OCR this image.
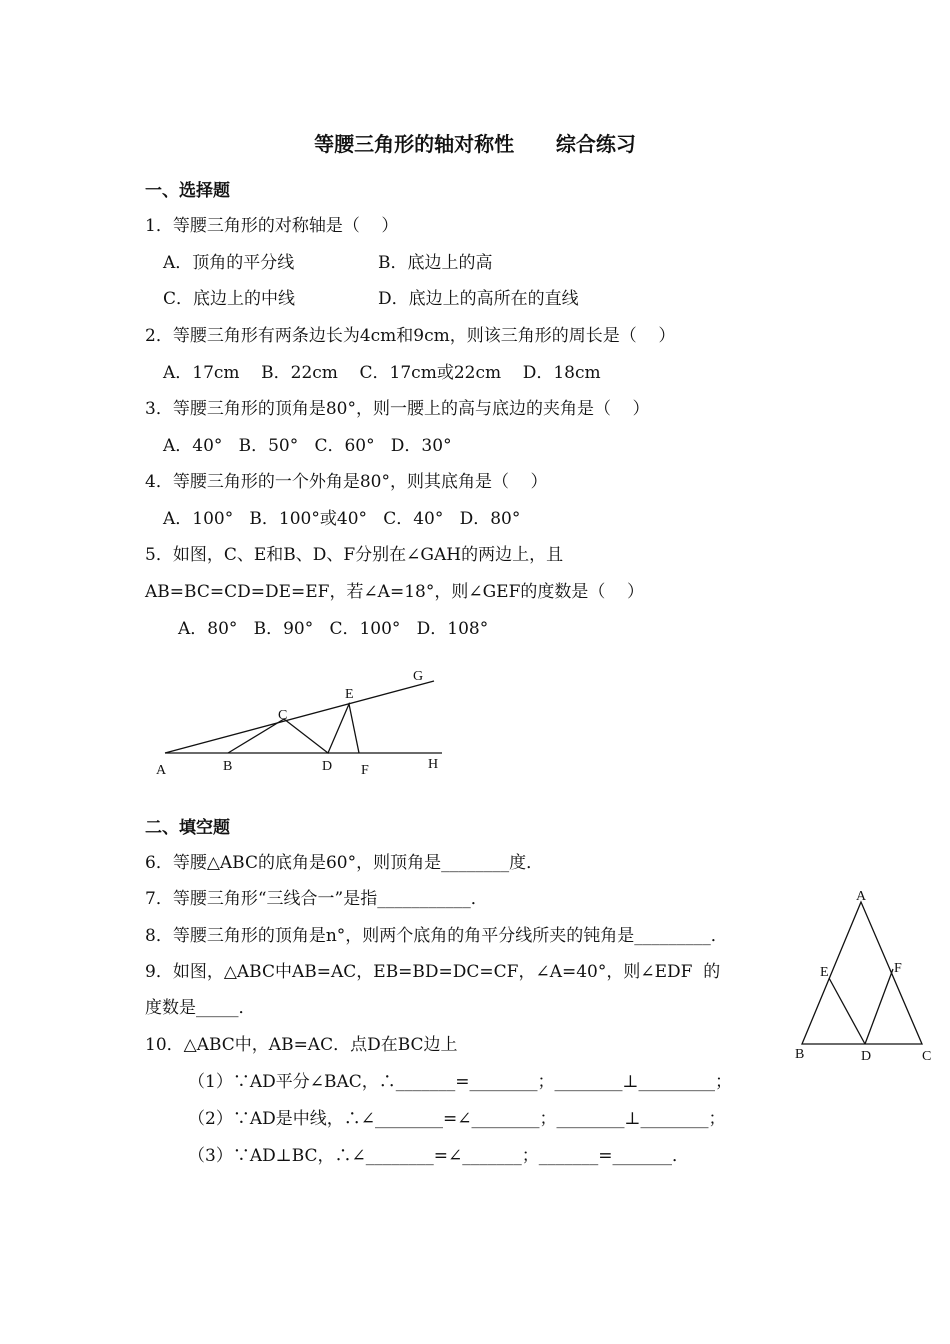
等腰三角形的轴对称性      综合练习
一、选择题
1．等腰三角形的对称轴是（    ）
A．顶角的平分线	B．底边上的高
C．底边上的中线	D．底边上的高所在的直线
2．等腰三角形有两条边长为4cm和9cm，则该三角形的周长是（    ）
A．17cm    B．22cm    C．17cm或22cm    D．18cm
3．等腰三角形的顶角是80°，则一腰上的高与底边的夹角是（    ）
A．40°   B．50°   C．60°   D．30°
4．等腰三角形的一个外角是80°，则其底角是（    ）
A．100°   B．100°或40°   C．40°   D．80°
5．如图，C、E和B、D、F分别在∠GAH的两边上，且
AB=BC=CD=DE=EF，若∠A=18°，则∠GEF的度数是（    ）
A．80°   B．90°   C．100°   D．108°
A	B
C
D
E
F
G
H
二、填空题
6．等腰△ABC的底角是60°，则顶角是________度．
7．等腰三角形“三线合一”是指___________．
8．等腰三角形的顶角是n°，则两个底角的角平分线所夹的钝角是_________．
9．如图，△ABC中AB=AC，EB=BD=DC=CF，∠A=40°，则∠EDF  的
度数是_____．
A
B	C
D
E	F
10．△ABC中，AB=AC．点D在BC边上
（1）∵AD平分∠BAC，∴_______=________；________⊥_________；
（2）∵AD是中线，∴∠________=∠________；________⊥________；
（3）∵AD⊥BC，∴∠________=∠_______；_______=_______．
